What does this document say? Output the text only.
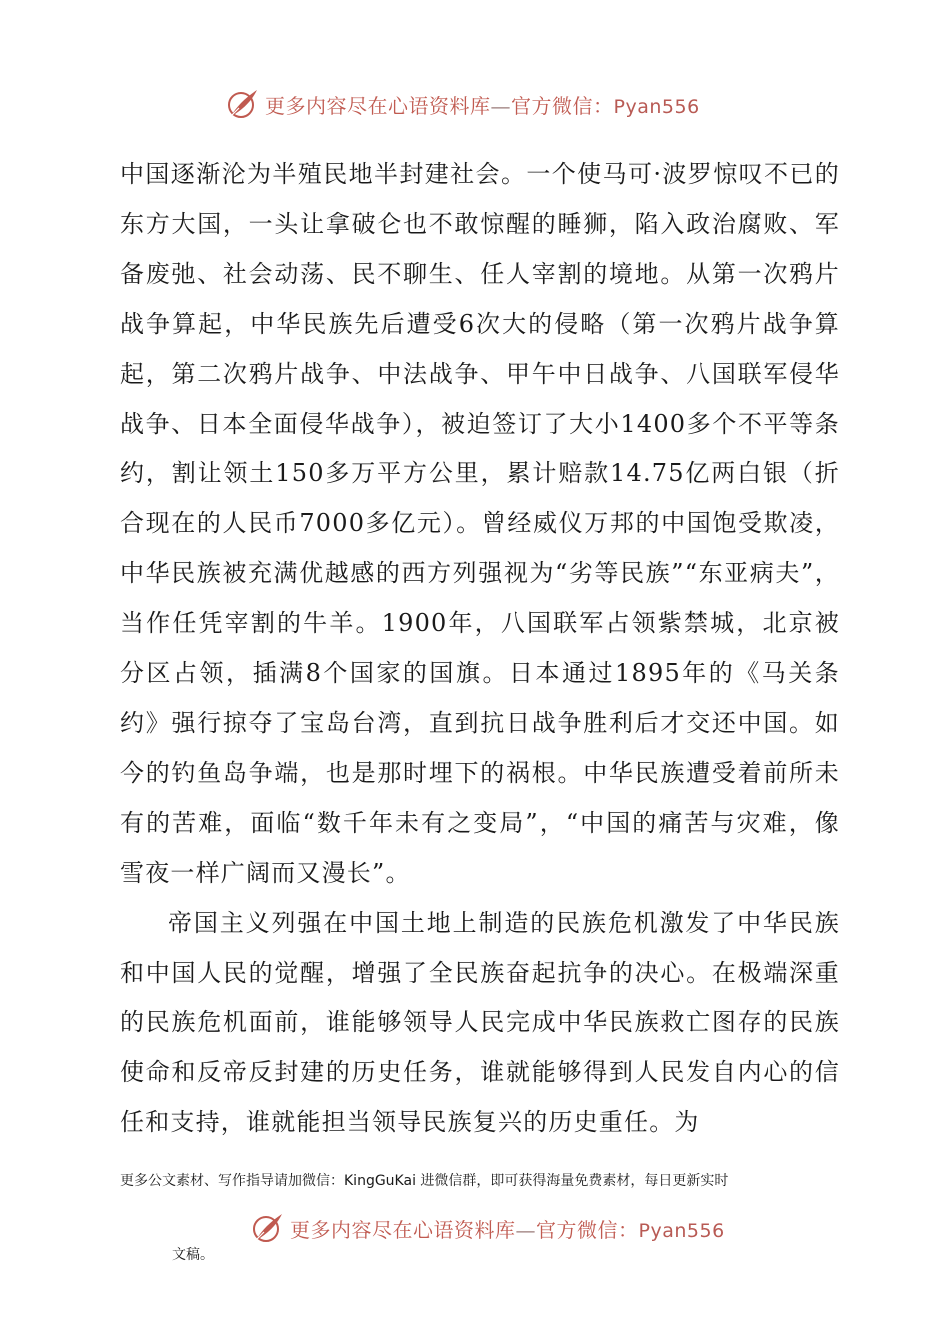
更多内容尽在心语资料库—官方微信：Pyan556

中国逐渐沦为半殖民地半封建社会。一个使马可·波罗惊叹不已的东方大国，一头让拿破仑也不敢惊醒的睡狮，陷入政治腐败、军备废弛、社会动荡、民不聊生、任人宰割的境地。从第一次鸦片战争算起，中华民族先后遭受6次大的侵略（第一次鸦片战争算起，第二次鸦片战争、中法战争、甲午中日战争、八国联军侵华战争、日本全面侵华战争），被迫签订了大小1400多个不平等条约，割让领土150多万平方公里，累计赔款14.75亿两白银（折合现在的人民币7000多亿元）。曾经威仪万邦的中国饱受欺凌，中华民族被充满优越感的西方列强视为“劣等民族”“东亚病夫”，当作任凭宰割的牛羊。1900年，八国联军占领紫禁城，北京被分区占领，插满8个国家的国旗。日本通过1895年的《马关条约》强行掠夺了宝岛台湾，直到抗日战争胜利后才交还中国。如今的钓鱼岛争端，也是那时埋下的祸根。中华民族遭受着前所未有的苦难，面临“数千年未有之变局”，“中国的痛苦与灾难，像雪夜一样广阔而又漫长”。

帝国主义列强在中国土地上制造的民族危机激发了中华民族和中国人民的觉醒，增强了全民族奋起抗争的决心。在极端深重的民族危机面前，谁能够领导人民完成中华民族救亡图存的民族使命和反帝反封建的历史任务，谁就能够得到人民发自内心的信任和支持，谁就能担当领导民族复兴的历史重任。为

更多公文素材、写作指导请加微信：KingGuKai 进微信群，即可获得海量免费素材，每日更新实时
更多内容尽在心语资料库—官方微信：Pyan556
文稿。
